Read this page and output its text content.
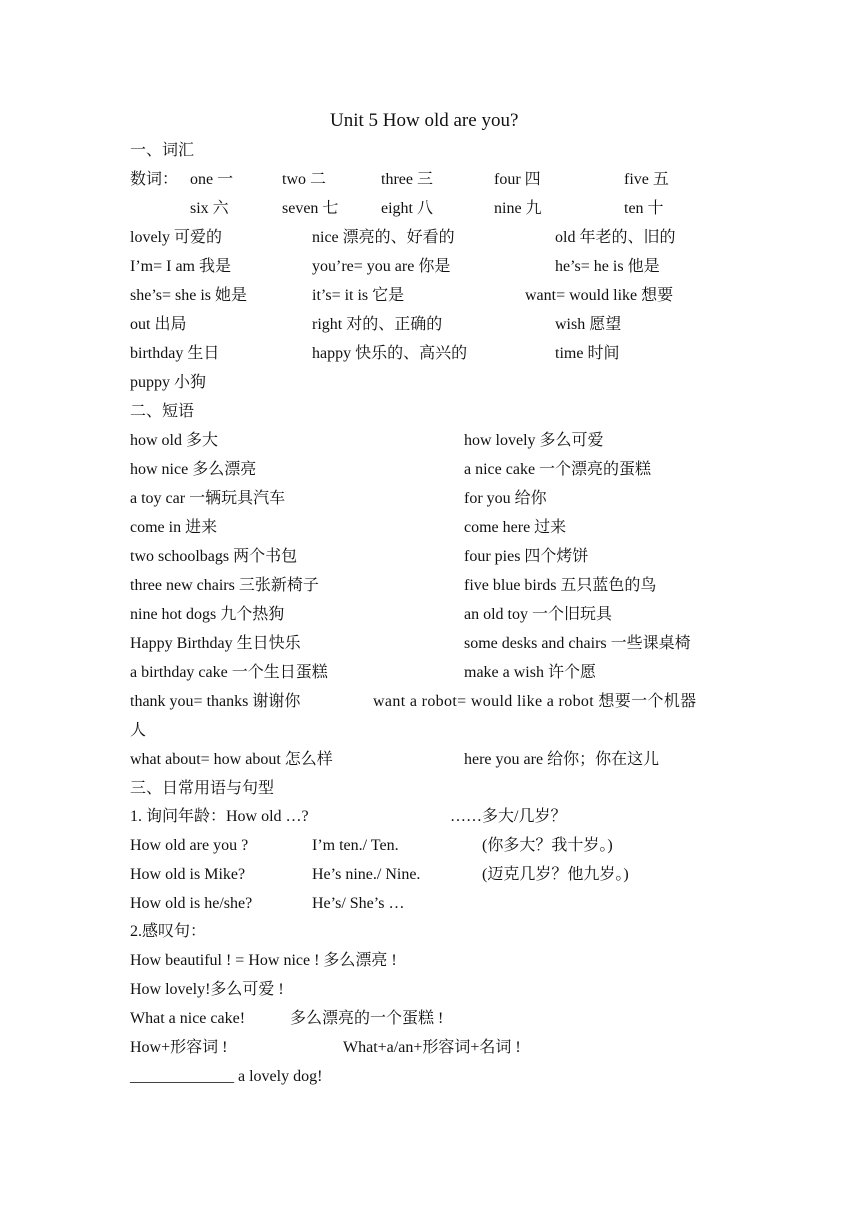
Unit 5 How old are you?
一、词汇
数词： one 一	two 二	three 三	four 四	five 五
six 六	seven 七	eight 八	nine 九	ten 十
lovely 可爱的	nice 漂亮的、好看的	old 年老的、旧的
I’m= I am 我是	you’re= you are 你是	he’s= he is 他是
she’s= she is 她是	it’s= it is 它是	want= would like 想要
out 出局	right 对的、正确的	wish 愿望
birthday 生日	happy 快乐的、高兴的	time 时间
puppy 小狗
二、短语
how old 多大	how lovely 多么可爱
how nice 多么漂亮	a nice cake 一个漂亮的蛋糕
a toy car 一辆玩具汽车	for you 给你
come in 进来	come here 过来
two schoolbags 两个书包	four pies 四个烤饼
three new chairs 三张新椅子	five blue birds 五只蓝色的鸟
nine hot dogs 九个热狗	an old toy 一个旧玩具
Happy Birthday 生日快乐	some desks and chairs 一些课桌椅
a birthday cake 一个生日蛋糕	make a wish 许个愿
thank you= thanks 谢谢你	want a robot= would like a robot 想要一个机器
人
what about= how about 怎么样	here you are 给你；你在这儿
三、日常用语与句型
1. 询问年龄：How old …?	……多大/几岁？
How old are you ?	I’m ten./ Ten.	(你多大？我十岁。)
How old is Mike?	He’s nine./ Nine.	(迈克几岁？他九岁。)
How old is he/she?	He’s/ She’s …
2.感叹句：
How beautiful ! = How nice ! 多么漂亮 !
How lovely!多么可爱 !
What a nice cake!	多么漂亮的一个蛋糕 !
How+形容词 !	What+a/an+形容词+名词 !
_____________ a lovely dog!
